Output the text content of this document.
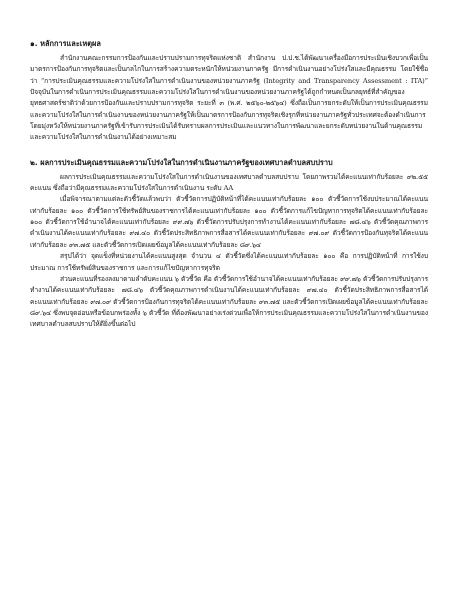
๑. หลักการและเหตุผล

สำนักงานคณะกรรมการป้องกันและปราบปรามการทุจริตแห่งชาติ สำนักงาน ป.ป.ช.ได้พัฒนาเครื่องมือการประเมินเชิงบวกเพื่อเป็นมาตรการป้องกันการทุจริตและเป็นกลไกในการสร้างความตระหนักให้หน่วยงานภาครัฐ มีการดำเนินงานอย่างโปร่งใสและมีคุณธรรม โดยใช้ชื่อว่า “การประเมินคุณธรรมและความโปร่งใสในการดำเนินงานของหน่วยงานภาครัฐ (Integrity and Transparency Assessment : ITA)” ปัจจุบันในการดำเนินการประเมินคุณธรรมและความโปร่งใสในการดำเนินงานของหน่วยงานภาครัฐได้ถูกกำหนดเป็นกลยุทธ์ที่สำคัญของยุทธศาสตร์ชาติว่าด้วยการป้องกันและปราบปรามการทุจริต ระยะที่ ๓ (พ.ศ. ๒๕๖๐-๒๕๖๔) ซึ่งถือเป็นการยกระดับให้เป็นการประเมินคุณธรรมและความโปร่งใสในการดำเนินงานของหน่วยงานภาครัฐให้เป็นมาตรการป้องกันการทุจริตเชิงรุกที่หน่วยงานภาครัฐทั่วประเทศจะต้องดำเนินการโดยมุ่งหวังให้หน่วยงานภาครัฐที่เข้ารับการประเมินได้รับทราบผลการประเมินและแนวทางในการพัฒนาและยกระดับหน่วยงานในด้านคุณธรรมและความโปร่งใสในการดำเนินงานได้อย่างเหมาะสม

๒. ผลการประเมินคุณธรรมและความโปร่งใสในการดำเนินงานภาครัฐของเทศบาลตำบลสบปราบ

ผลการประเมินคุณธรรมและความโปร่งใสในการดำเนินงานของเทศบาลตำบลสบปราบ โดยภาพรวมได้คะแนนเท่ากับร้อยละ ๙๒.๕๕ คะแนน ซึ่งถือว่ามีคุณธรรมและความโปร่งใสในการดำเนินงาน ระดับ AA

เมื่อพิจารณาตามแต่ละตัวชี้วัดแล้วพบว่า ตัวชี้วัดการปฏิบัติหน้าที่ได้คะแนนเท่ากับร้อยละ ๑๐๐ ตัวชี้วัดการใช้งบประมาณได้คะแนนเท่ากับร้อยละ ๑๐๐ ตัวชี้วัดการใช้ทรัพย์สินของราชการได้คะแนนเท่ากับร้อยละ ๑๐๐ ตัวชี้วัดการแก้ไขปัญหาการทุจริตได้คะแนนเท่ากับร้อยละ ๑๐๐ ตัวชี้วัดการใช้อำนาจได้คะแนนเท่ากับร้อยละ ๙๙.๗๖ ตัวชี้วัดการปรับปรุงการทำงานได้คะแนนเท่ากับร้อยละ ๗๘.๔๖ ตัวชี้วัดคุณภาพการดำเนินงานได้คะแนนเท่ากับร้อยละ ๙๗.๔๐ ตัวชี้วัดประสิทธิภาพการสื่อสารได้คะแนนเท่ากับร้อยละ ๙๗.๐๙ ตัวชี้วัดการป้องกันทุจริตได้คะแนนเท่ากับร้อยละ ๙๓.๗๕ และตัวชี้วัดการเปิดเผยข้อมูลได้คะแนนเท่ากับร้อยละ ๘๙.๖๔

สรุปได้ว่า จุดแข็งที่หน่วยงานได้คะแนนสูงสุด จำนวน ๔ ตัวชี้วัดซึ่งได้คะแนนเท่ากับร้อยละ ๑๐๐ คือ การปฏิบัติหน้าที่ การใช้งบประมาณ การใช้ทรัพย์สินของราชการ และการแก้ไขปัญหาการทุจริต

ส่วนคะแนนที่รองลงมาตามลำดับคะแนน ๖ ตัวชี้วัด คือ ตัวชี้วัดการใช้อำนาจได้คะแนนเท่ากับร้อยละ ๙๙.๗๖ ตัวชี้วัดการปรับปรุงการทำงานได้คะแนนเท่ากับร้อยละ ๗๘.๔๖ ตัวชี้วัดคุณภาพการดำเนินงานได้คะแนนเท่ากับร้อยละ ๙๗.๔๐ ตัวชี้วัดประสิทธิภาพการสื่อสารได้คะแนนเท่ากับร้อยละ ๙๗.๐๙ ตัวชี้วัดการป้องกันการทุจริตได้คะแนนเท่ากับร้อยละ ๙๓.๗๕ และตัวชี้วัดการเปิดเผยข้อมูลได้คะแนนเท่ากับร้อยละ ๘๙.๖๔ ซึ่งพบจุดอ่อนหรือข้อบกพร่องทั้ง ๖ ตัวชี้วัด ที่ต้องพัฒนาอย่างเร่งด่วนเพื่อให้การประเมินคุณธรรมและความโปร่งใสในการดำเนินงานของเทศบาลตำบลสบปราบให้ดียิ่งขึ้นต่อไป
